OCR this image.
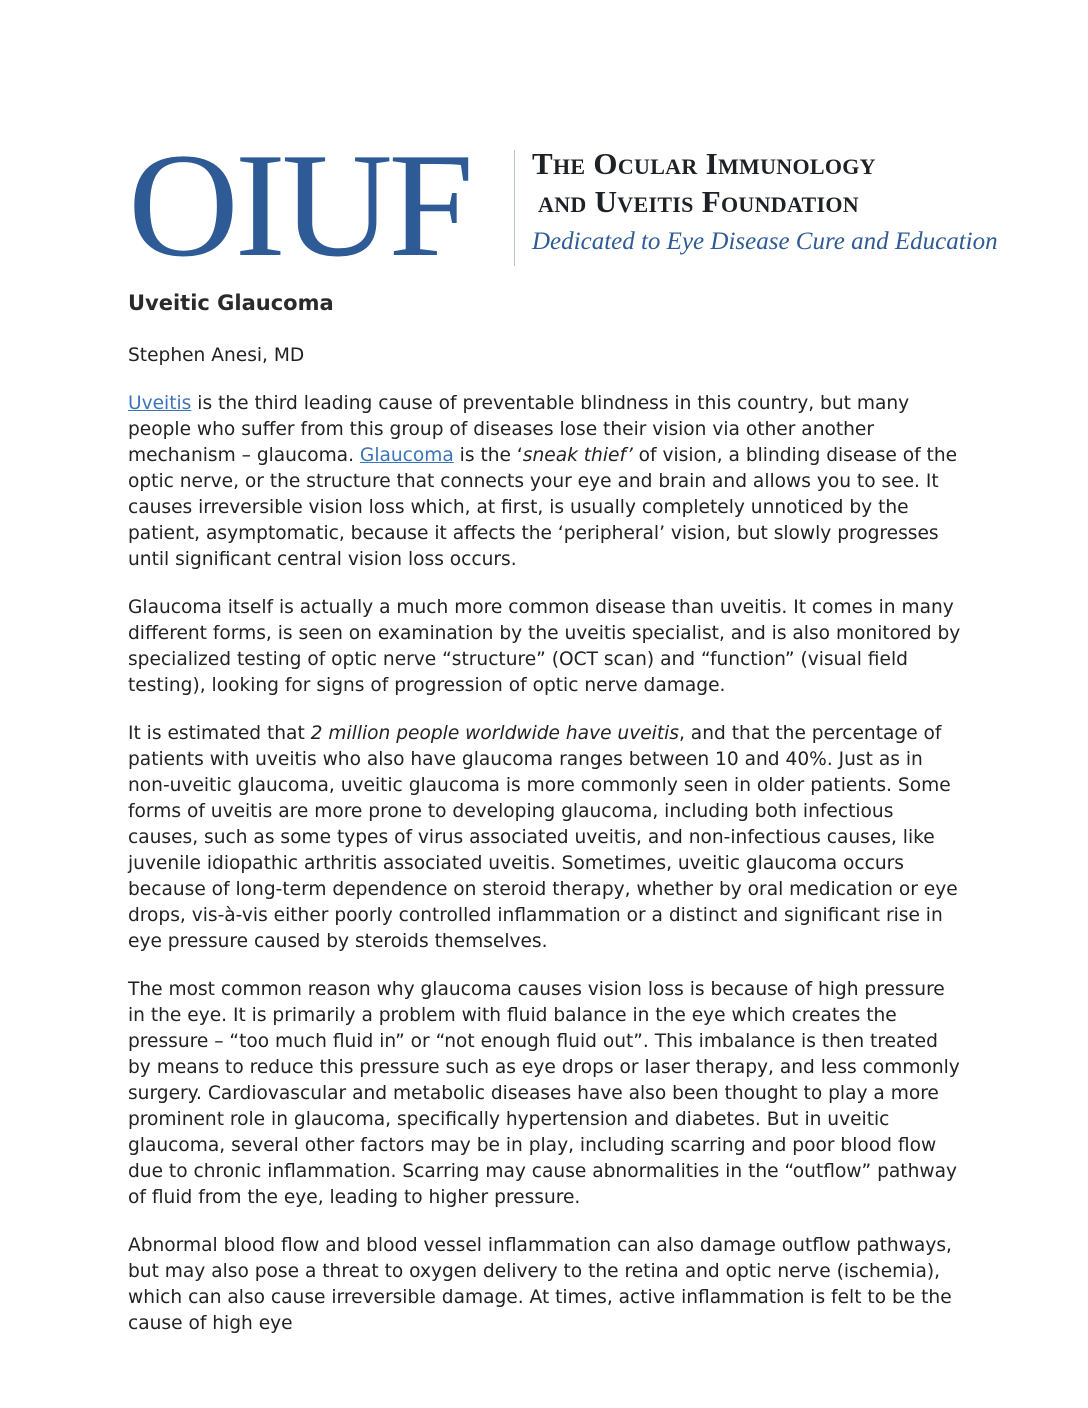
OIUF	The Ocular Immunology
and Uveitis Foundation
Dedicated to Eye Disease Cure and Education
Uveitic Glaucoma
Stephen Anesi, MD

Uveitis is the third leading cause of preventable blindness in this country, but many people who suffer from this group of diseases lose their vision via other another mechanism – glaucoma. Glaucoma is the ‘sneak thief’ of vision, a blinding disease of the optic nerve, or the structure that connects your eye and brain and allows you to see. It causes irreversible vision loss which, at first, is usually completely unnoticed by the patient, asymptomatic, because it affects the ‘peripheral’ vision, but slowly progresses until significant central vision loss occurs.

Glaucoma itself is actually a much more common disease than uveitis. It comes in many different forms, is seen on examination by the uveitis specialist, and is also monitored by specialized testing of optic nerve “structure” (OCT scan) and “function” (visual field testing), looking for signs of progression of optic nerve damage.

It is estimated that 2 million people worldwide have uveitis, and that the percentage of patients with uveitis who also have glaucoma ranges between 10 and 40%. Just as in non-uveitic glaucoma, uveitic glaucoma is more commonly seen in older patients. Some forms of uveitis are more prone to developing glaucoma, including both infectious causes, such as some types of virus associated uveitis, and non-infectious causes, like juvenile idiopathic arthritis associated uveitis. Sometimes, uveitic glaucoma occurs because of long-term dependence on steroid therapy, whether by oral medication or eye drops, vis-à-vis either poorly controlled inflammation or a distinct and significant rise in eye pressure caused by steroids themselves.

The most common reason why glaucoma causes vision loss is because of high pressure in the eye. It is primarily a problem with fluid balance in the eye which creates the pressure – “too much fluid in” or “not enough fluid out”. This imbalance is then treated by means to reduce this pressure such as eye drops or laser therapy, and less commonly surgery. Cardiovascular and metabolic diseases have also been thought to play a more prominent role in glaucoma, specifically hypertension and diabetes. But in uveitic glaucoma, several other factors may be in play, including scarring and poor blood flow due to chronic inflammation. Scarring may cause abnormalities in the “outflow” pathway of fluid from the eye, leading to higher pressure.

Abnormal blood flow and blood vessel inflammation can also damage outflow pathways, but may also pose a threat to oxygen delivery to the retina and optic nerve (ischemia), which can also cause irreversible damage. At times, active inflammation is felt to be the cause of high eye
